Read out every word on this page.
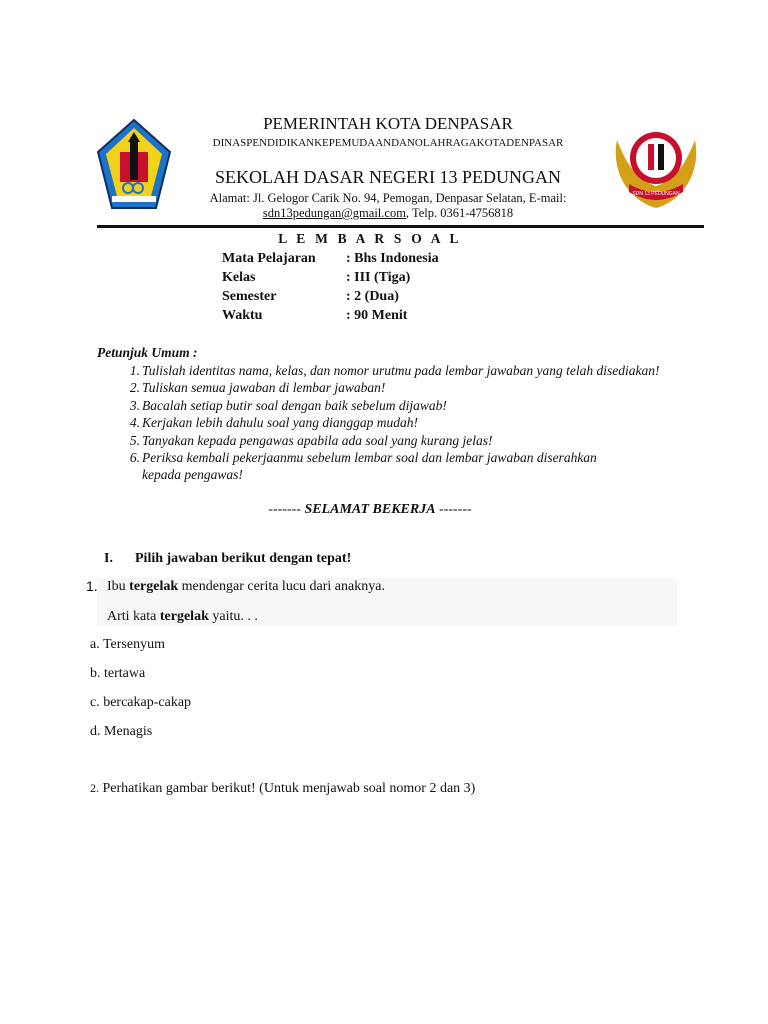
SDN 13 PEDUNGAN
PEMERINTAH KOTA DENPASAR
DINASPENDIDIKANKEPEMUDAANDANOLAHRAGAKOTADENPASAR
SEKOLAH DASAR NEGERI 13 PEDUNGAN
Alamat: Jl. Gelogor Carik No. 94, Pemogan, Denpasar Selatan, E-mail:
sdn13pedungan@gmail.com, Telp. 0361-4756818
L E M B A R S O A L
Mata Pelajaran	: Bhs Indonesia
Kelas	: III (Tiga)
Semester	: 2 (Dua)
Waktu	: 90 Menit
Petunjuk Umum :
1. Tulislah identitas nama, kelas, dan nomor urutmu pada lembar jawaban yang telah disediakan!
2. Tuliskan semua jawaban di lembar jawaban!
3. Bacalah setiap butir soal dengan baik sebelum dijawab!
4. Kerjakan lebih dahulu soal yang dianggap mudah!
5. Tanyakan kepada pengawas apabila ada soal yang kurang jelas!
6. Periksa kembali pekerjaanmu sebelum lembar soal dan lembar jawaban diserahkan kepada pengawas!
------- SELAMAT BEKERJA -------
I.	Pilih jawaban berikut dengan tepat!
1. Ibu tergelak mendengar cerita lucu dari anaknya.
Arti kata tergelak yaitu. . .
a. Tersenyum
b. tertawa
c. bercakap-cakap
d. Menagis
2. Perhatikan gambar berikut! (Untuk menjawab soal nomor 2 dan 3)
